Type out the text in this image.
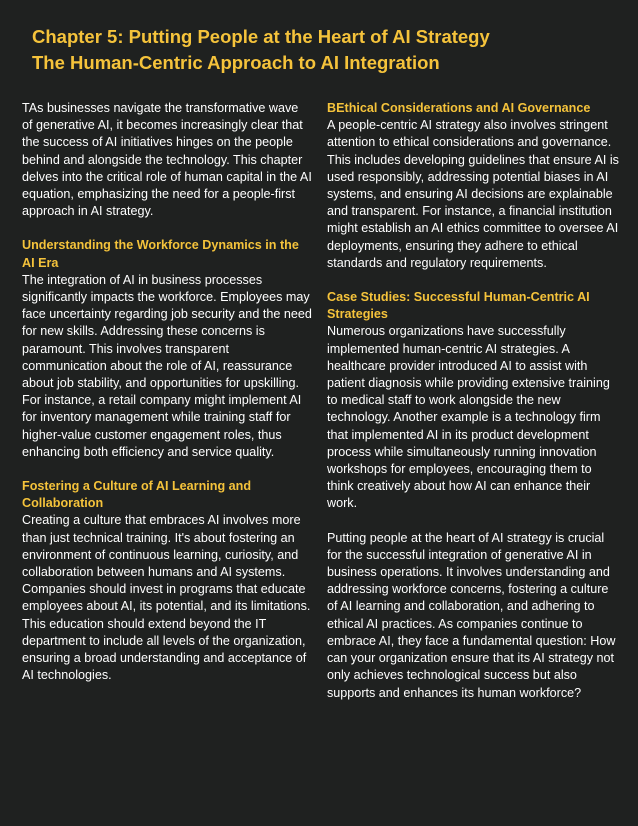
Chapter 5: Putting People at the Heart of AI Strategy

The Human-Centric Approach to AI Integration

TAs businesses navigate the transformative wave of generative AI, it becomes increasingly clear that the success of AI initiatives hinges on the people behind and alongside the technology. This chapter delves into the critical role of human capital in the AI equation, emphasizing the need for a people-first approach in AI strategy.

Understanding the Workforce Dynamics in the AI Era

The integration of AI in business processes significantly impacts the workforce. Employees may face uncertainty regarding job security and the need for new skills. Addressing these concerns is paramount. This involves transparent communication about the role of AI, reassurance about job stability, and opportunities for upskilling. For instance, a retail company might implement AI for inventory management while training staff for higher-value customer engagement roles, thus enhancing both efficiency and service quality.

Fostering a Culture of AI Learning and Collaboration

Creating a culture that embraces AI involves more than just technical training. It's about fostering an environment of continuous learning, curiosity, and collaboration between humans and AI systems. Companies should invest in programs that educate employees about AI, its potential, and its limitations. This education should extend beyond the IT department to include all levels of the organization, ensuring a broad understanding and acceptance of AI technologies.

BEthical Considerations and AI Governance

A people-centric AI strategy also involves stringent attention to ethical considerations and governance. This includes developing guidelines that ensure AI is used responsibly, addressing potential biases in AI systems, and ensuring AI decisions are explainable and transparent. For instance, a financial institution might establish an AI ethics committee to oversee AI deployments, ensuring they adhere to ethical standards and regulatory requirements.

Case Studies: Successful Human-Centric AI Strategies

Numerous organizations have successfully implemented human-centric AI strategies. A healthcare provider introduced AI to assist with patient diagnosis while providing extensive training to medical staff to work alongside the new technology. Another example is a technology firm that implemented AI in its product development process while simultaneously running innovation workshops for employees, encouraging them to think creatively about how AI can enhance their work.

Putting people at the heart of AI strategy is crucial for the successful integration of generative AI in business operations. It involves understanding and addressing workforce concerns, fostering a culture of AI learning and collaboration, and adhering to ethical AI practices. As companies continue to embrace AI, they face a fundamental question: How can your organization ensure that its AI strategy not only achieves technological success but also supports and enhances its human workforce?
